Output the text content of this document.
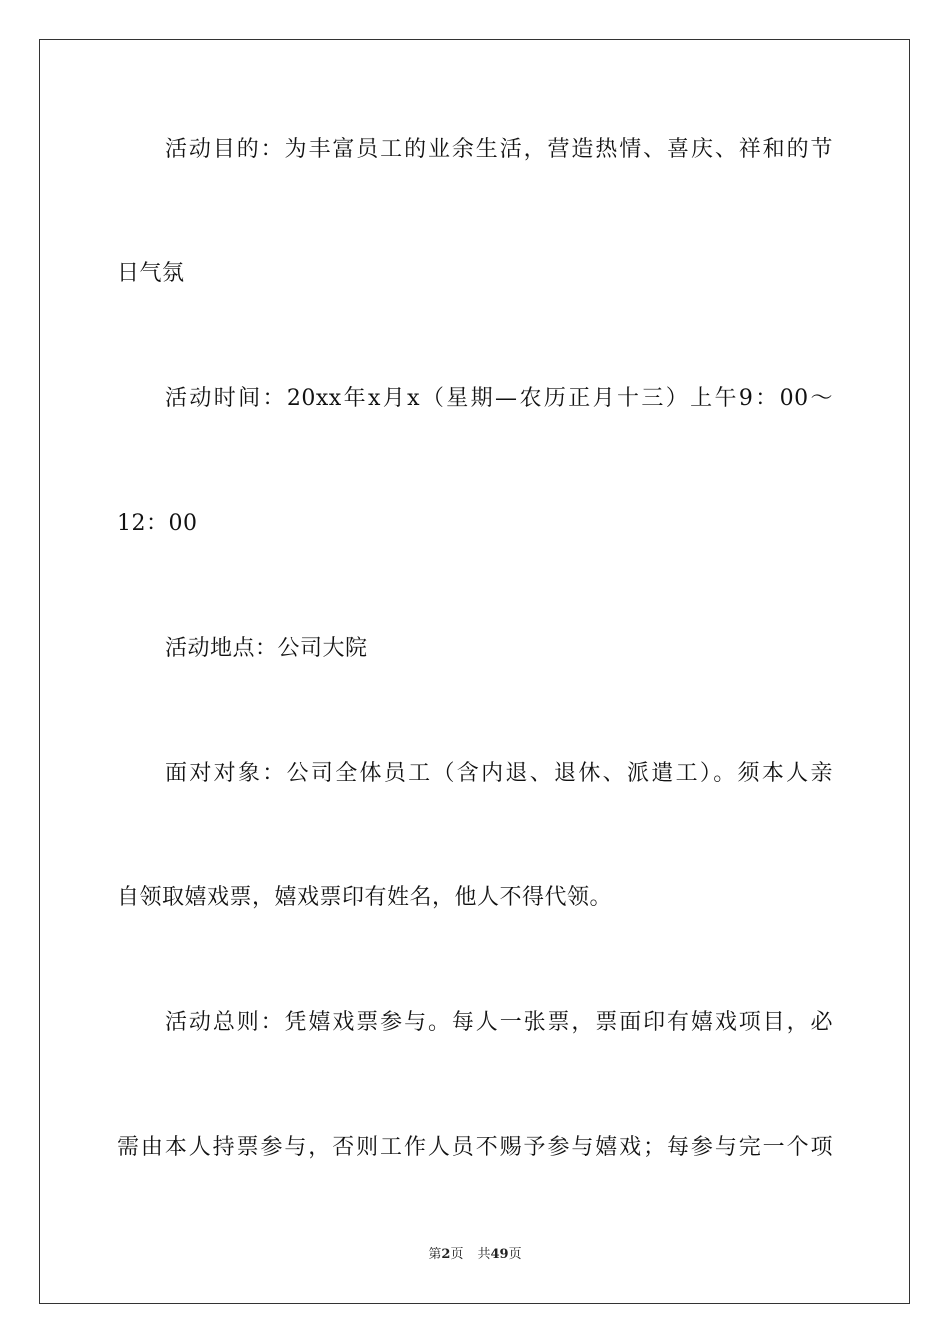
活动目的：为丰富员工的业余生活，营造热情、喜庆、祥和的节
日气氛
活动时间：20xx年x月x（星期—农历正月十三）上午9：00～
12：00
活动地点：公司大院
面对对象：公司全体员工（含内退、退休、派遣工）。须本人亲
自领取嬉戏票，嬉戏票印有姓名，他人不得代领。
活动总则：凭嬉戏票参与。每人一张票，票面印有嬉戏项目，必
需由本人持票参与，否则工作人员不赐予参与嬉戏；每参与完一个项
第2页 共49页
